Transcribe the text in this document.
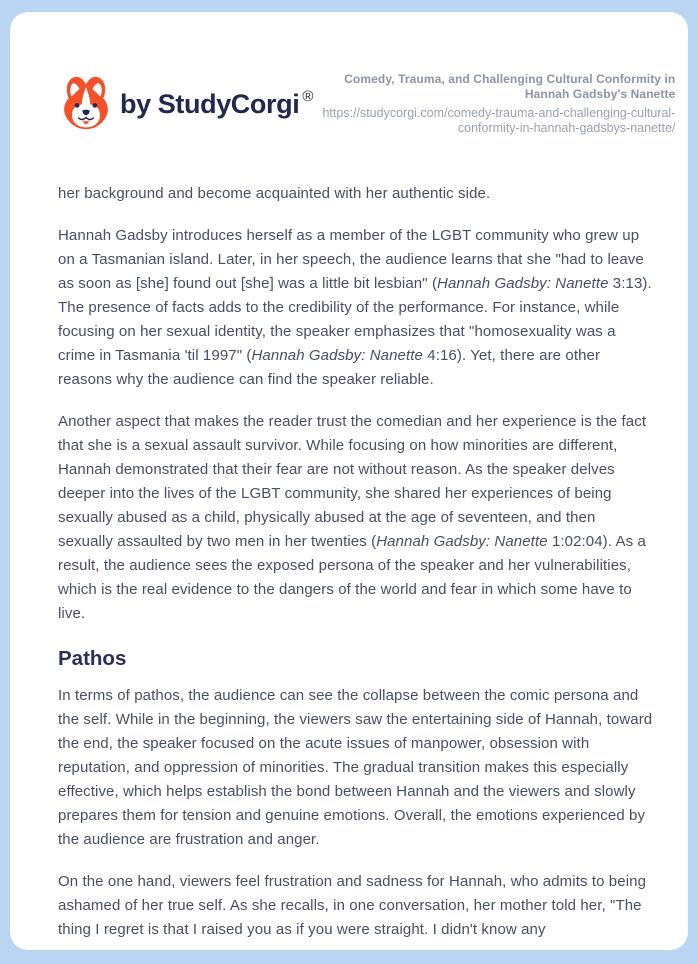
by StudyCorgi ®
Comedy, Trauma, and Challenging Cultural Conformity in Hannah Gadsby's Nanette
https://studycorgi.com/comedy-trauma-and-challenging-cultural-conformity-in-hannah-gadsbys-nanette/

her background and become acquainted with her authentic side.

Hannah Gadsby introduces herself as a member of the LGBT community who grew up on a Tasmanian island. Later, in her speech, the audience learns that she "had to leave as soon as [she] found out [she] was a little bit lesbian" (Hannah Gadsby: Nanette 3:13). The presence of facts adds to the credibility of the performance. For instance, while focusing on her sexual identity, the speaker emphasizes that "homosexuality was a crime in Tasmania 'til 1997" (Hannah Gadsby: Nanette 4:16). Yet, there are other reasons why the audience can find the speaker reliable.

Another aspect that makes the reader trust the comedian and her experience is the fact that she is a sexual assault survivor. While focusing on how minorities are different, Hannah demonstrated that their fear are not without reason. As the speaker delves deeper into the lives of the LGBT community, she shared her experiences of being sexually abused as a child, physically abused at the age of seventeen, and then sexually assaulted by two men in her twenties (Hannah Gadsby: Nanette 1:02:04). As a result, the audience sees the exposed persona of the speaker and her vulnerabilities, which is the real evidence to the dangers of the world and fear in which some have to live.

Pathos

In terms of pathos, the audience can see the collapse between the comic persona and the self. While in the beginning, the viewers saw the entertaining side of Hannah, toward the end, the speaker focused on the acute issues of manpower, obsession with reputation, and oppression of minorities. The gradual transition makes this especially effective, which helps establish the bond between Hannah and the viewers and slowly prepares them for tension and genuine emotions. Overall, the emotions experienced by the audience are frustration and anger.

On the one hand, viewers feel frustration and sadness for Hannah, who admits to being ashamed of her true self. As she recalls, in one conversation, her mother told her, "The thing I regret is that I raised you as if you were straight. I didn't know any
